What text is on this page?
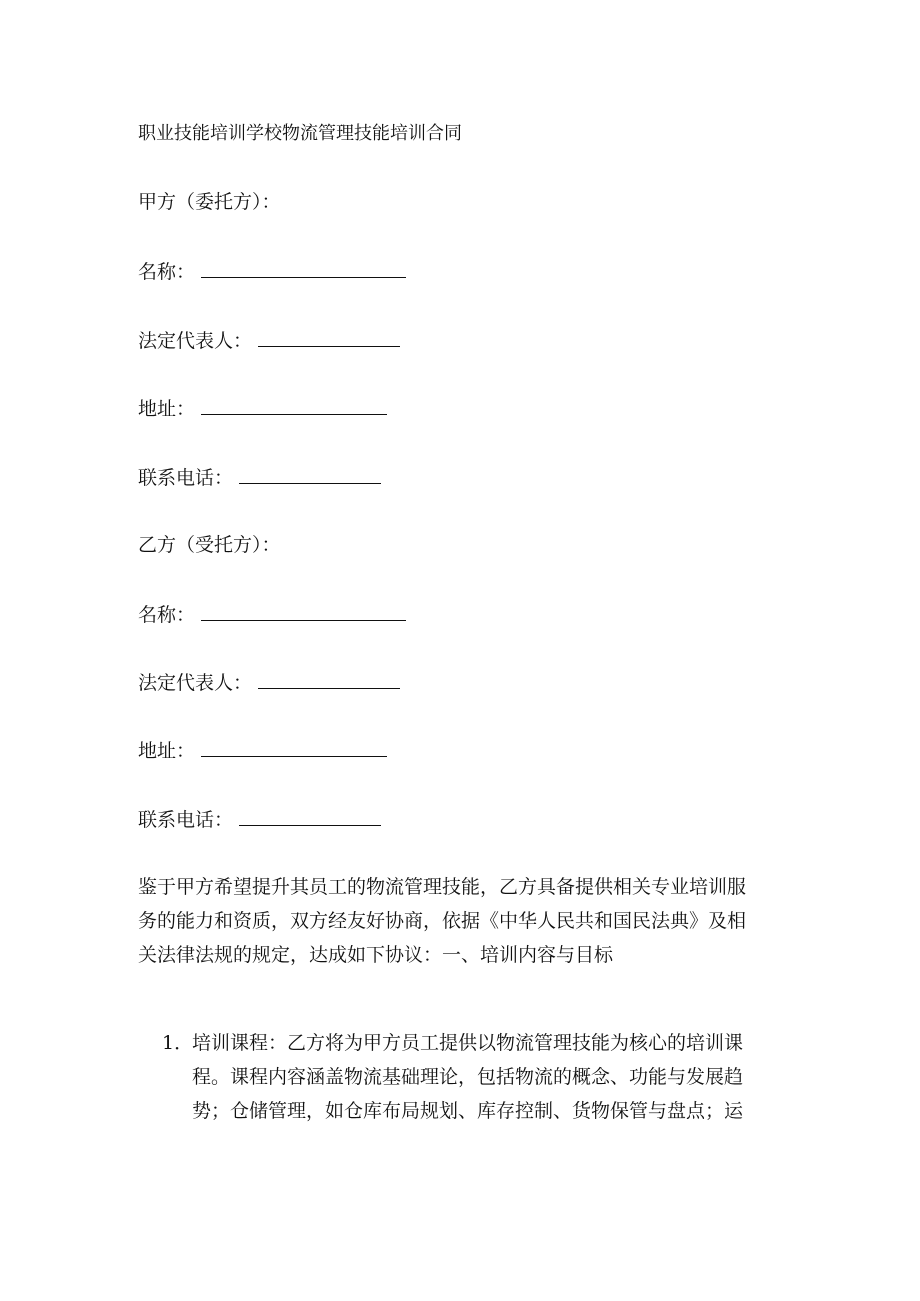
职业技能培训学校物流管理技能培训合同
甲方（委托方）：
名称：
法定代表人：
地址：
联系电话：
乙方（受托方）：
名称：
法定代表人：
地址：
联系电话：
鉴于甲方希望提升其员工的物流管理技能，乙方具备提供相关专业培训服
务的能力和资质，双方经友好协商，依据《中华人民共和国民法典》及相
关法律法规的规定，达成如下协议：一、培训内容与目标
1．培训课程：乙方将为甲方员工提供以物流管理技能为核心的培训课
程。课程内容涵盖物流基础理论，包括物流的概念、功能与发展趋
势；仓储管理，如仓库布局规划、库存控制、货物保管与盘点；运
